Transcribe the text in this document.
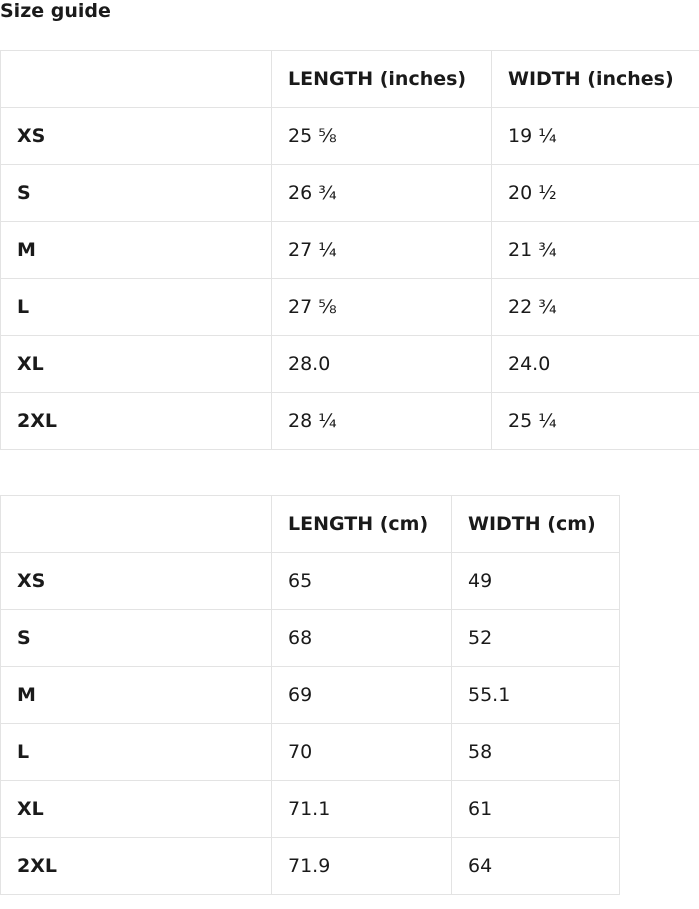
Size guide
	LENGTH (inches)	WIDTH (inches)
XS	25 ⅝	19 ¼
S	26 ¾	20 ½
M	27 ¼	21 ¾
L	27 ⅝	22 ¾
XL	28.0	24.0
2XL	28 ¼	25 ¼
	LENGTH (cm)	WIDTH (cm)
XS	65	49
S	68	52
M	69	55.1
L	70	58
XL	71.1	61
2XL	71.9	64
